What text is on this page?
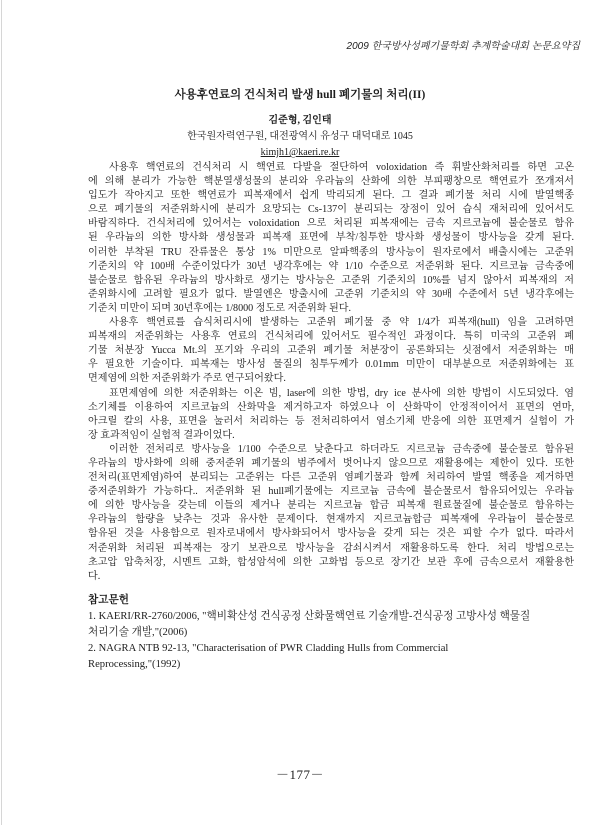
2009 한국방사성폐기물학회 추계학술대회 논문요약집
사용후연료의 건식처리 발생 hull 폐기물의 처리(II)
김준형, 김인태
한국원자력연구원, 대전광역시 유성구 대덕대로 1045
kimjh1@kaeri.re.kr
사용후 핵연료의 건식처리 시 핵연료 다발을 절단하여 voloxidation 즉 휘발산화처리를 하면 고온
에 의해 분리가 가능한 핵분열생성물의 분리와 우라늄의 산화에 의한 부피팽창으로 핵연료가 쪼개져서
입도가 작아지고 또한 핵연료가 피복재에서 쉽게 박리되게 된다. 그 결과 폐기물 처리 시에 발열핵종
으로 폐기물의 저준위화시에 분리가 요망되는 Cs-137이 분리되는 장점이 있어 습식 재처리에 있어서도
바람직하다. 건식처리에 있어서는 voloxidation 으로 처리된 피복재에는 금속 지르코늄에 불순물로 함유
된 우라늄의 의한 방사화 생성물과 피복재 표면에 부착/침투한 방사화 생성물이 방사능을 갖게 된다.
이러한 부착된 TRU 잔류물은 통상 1% 미만으로 알파핵종의 방사능이 원자로에서 배출시에는 고준위
기준치의 약 100배 수준이었다가 30년 냉각후에는 약 1/10 수준으로 저준위화 된다. 지르코늄 금속중에
불순물로 함유된 우라늄의 방사화로 생기는 방사능은 고준위 기준치의 10%를 넘지 않아서 피복재의 저
준위화시에 고려할 필요가 없다. 발열엔은 방출시에 고준위 기준치의 약 30배 수준에서 5년 냉각후에는
기준치 미만이 되며 30년후에는 1/8000 정도로 저준위화 된다.
사용후 핵연료를 습식처리시에 발생하는 고준위 폐기물 중 약 1/4가 피복재(hull) 임을 고려하면
피복재의 저준위화는 사용후 연료의 건식처리에 있어서도 필수적인 과정이다. 특히 미국의 고준위 폐
기물 처분장 Yucca Mt.의 포기와 우리의 고준위 폐기물 처분장이 공론화되는 싯점에서 저준위화는 매
우 필요한 기술이다. 피복재는 방사성 물질의 침투두께가 0.01mm 미만이 대부분으로 저준위화에는 표
면제염에 의한 저준위화가 주로 연구되어왔다.
표면제염에 의한 저준위화는 이온 빔, laser에 의한 방법, dry ice 분사에 의한 방법이 시도되었다. 염
소기체를 이용하여 지르코늄의 산화막을 제거하고자 하였으나 이 산화막이 안정적이어서 표면의 연마,
아크릴 칼의 사용, 표면을 눌러서 처리하는 등 전처리하여서 염소기체 반응에 의한 표면제거 실험이 가
장 효과적임이 실험적 결과이었다.
이러한 전처리로 방사능을 1/100 수준으로 낮춘다고 하더라도 지르코늄 금속중에 불순물로 함유된
우라늄의 방사화에 의해 중저준위 폐기물의 범주에서 벗어나지 않으므로 재활용에는 제한이 있다. 또한
전처리(표면제염)하여 분리되는 고준위는 다른 고준위 염폐기물과 함께 처리하여 발열 핵종을 제거하면
중저준위화가 가능하다.. 저준위화 된 hull폐기물에는 지르코늄 금속에 불순물로서 함유되어있는 우라늄
에 의한 방사능을 갖는데 이들의 제거나 분리는 지르코늄 합금 피복재 원료물질에 불순물로 함유하는
우라늄의 함량을 낮추는 것과 유사한 문제이다. 현재까지 지르코늄합금 피복재에 우라늄이 불순물로
함유된 것을 사용함으로 원자로내에서 방사화되어서 방사능을 갖게 되는 것은 피할 수가 없다. 따라서
저준위화 처리된 피복재는 장기 보관으로 방사능을 감쇠시켜서 재활용하도록 한다. 처리 방법으로는
초고압 압축처장, 시멘트 고화, 합성암석에 의한 고화법 등으로 장기간 보관 후에 금속으로서 재활용한
다.
참고문헌
1. KAERI/RR-2760/2006, "핵비확산성 건식공정 산화물핵연료 기술개발-건식공정 고방사성 핵물질
처리기술 개발,"(2006)
2. NAGRA NTB 92-13, "Characterisation of PWR Cladding Hulls from Commercial
Reprocessing,"(1992)
－177－
